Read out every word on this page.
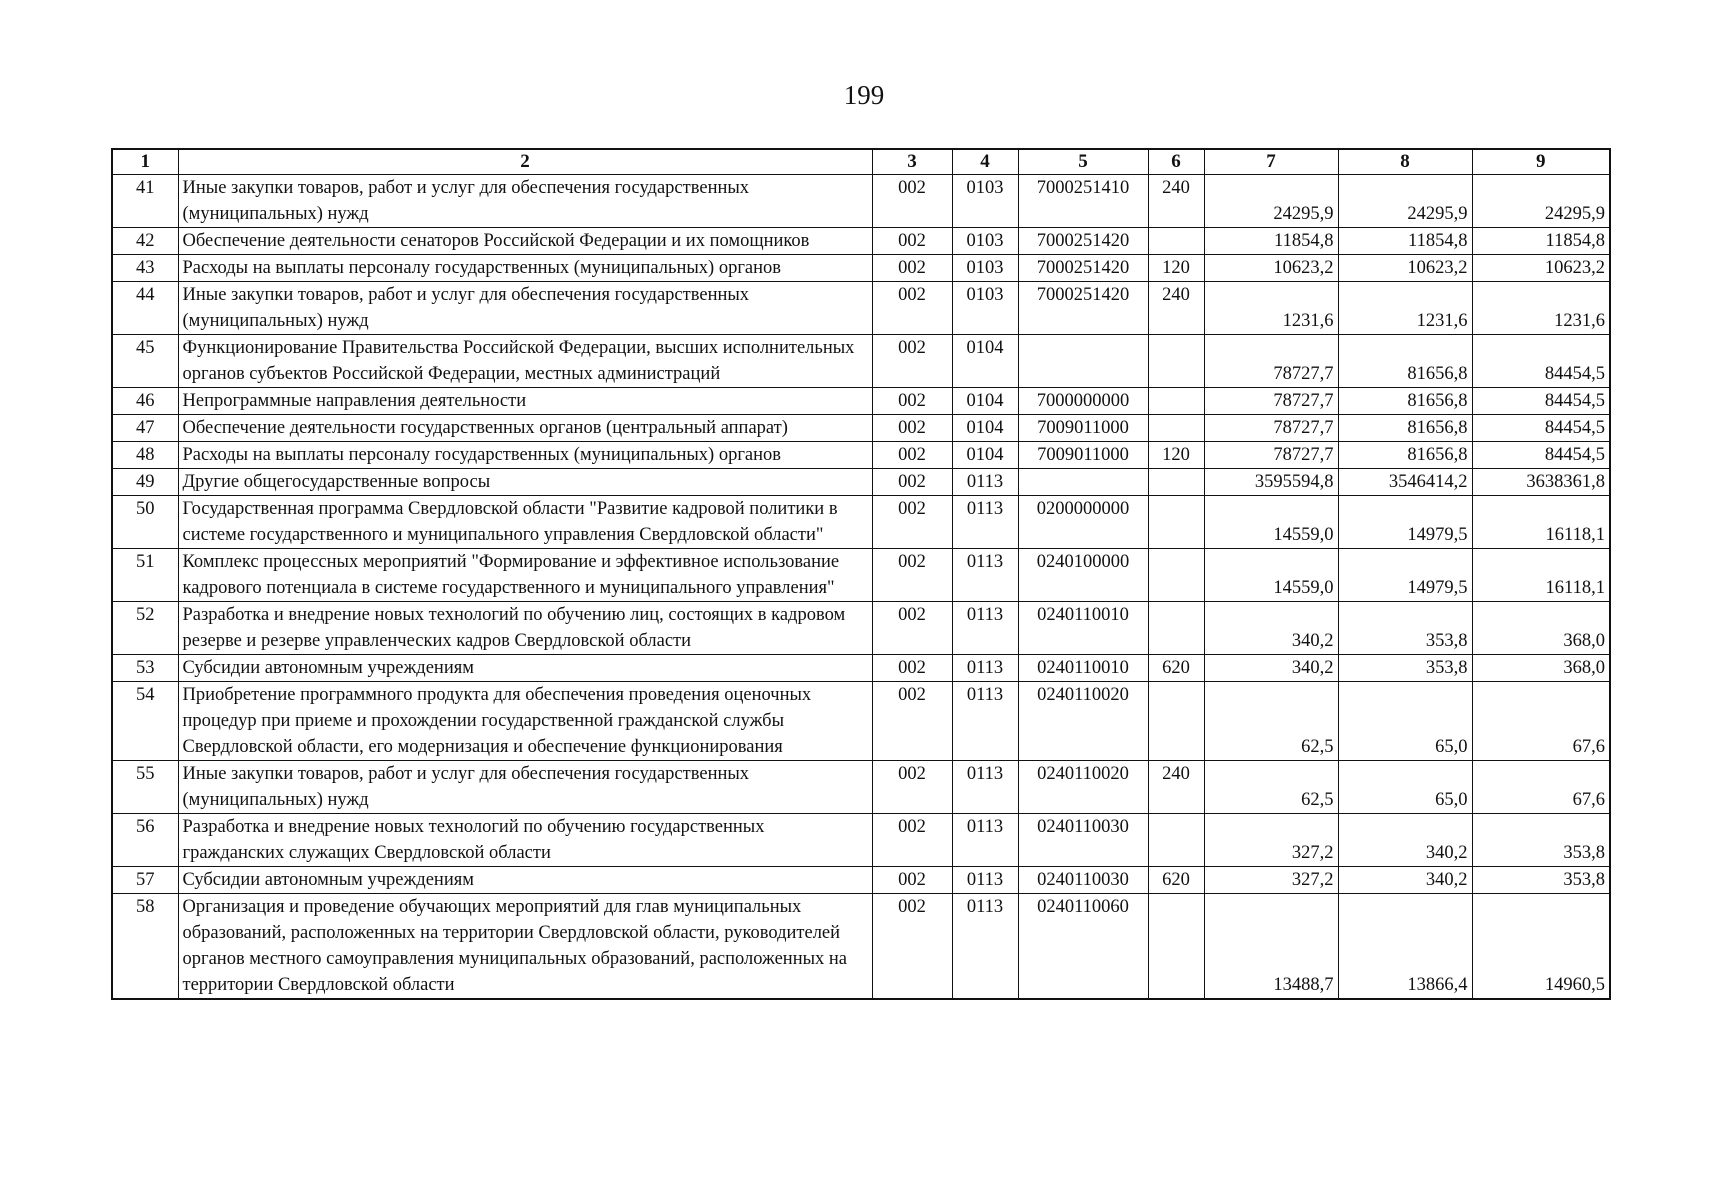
199
1	2	3	4	5	6	7	8	9
41	Иные закупки товаров, работ и услуг для обеспечения государственных (муниципальных) нужд	002	0103	7000251410	240	24295,9	24295,9	24295,9
42	Обеспечение деятельности сенаторов Российской Федерации и их помощников	002	0103	7000251420		11854,8	11854,8	11854,8
43	Расходы на выплаты персоналу государственных (муниципальных) органов	002	0103	7000251420	120	10623,2	10623,2	10623,2
44	Иные закупки товаров, работ и услуг для обеспечения государственных (муниципальных) нужд	002	0103	7000251420	240	1231,6	1231,6	1231,6
45	Функционирование Правительства Российской Федерации, высших исполнительных органов субъектов Российской Федерации, местных администраций	002	0104			78727,7	81656,8	84454,5
46	Непрограммные направления деятельности	002	0104	7000000000		78727,7	81656,8	84454,5
47	Обеспечение деятельности государственных органов (центральный аппарат)	002	0104	7009011000		78727,7	81656,8	84454,5
48	Расходы на выплаты персоналу государственных (муниципальных) органов	002	0104	7009011000	120	78727,7	81656,8	84454,5
49	Другие общегосударственные вопросы	002	0113			3595594,8	3546414,2	3638361,8
50	Государственная программа Свердловской области "Развитие кадровой политики в системе государственного и муниципального управления Свердловской области"	002	0113	0200000000		14559,0	14979,5	16118,1
51	Комплекс процессных мероприятий "Формирование и эффективное использование кадрового потенциала в системе государственного и муниципального управления"	002	0113	0240100000		14559,0	14979,5	16118,1
52	Разработка и внедрение новых технологий по обучению лиц, состоящих в кадровом резерве и резерве управленческих кадров Свердловской области	002	0113	0240110010		340,2	353,8	368,0
53	Субсидии автономным учреждениям	002	0113	0240110010	620	340,2	353,8	368,0
54	Приобретение программного продукта для обеспечения проведения оценочных процедур при приеме и прохождении государственной гражданской службы Свердловской области, его модернизация и обеспечение функционирования	002	0113	0240110020		62,5	65,0	67,6
55	Иные закупки товаров, работ и услуг для обеспечения государственных (муниципальных) нужд	002	0113	0240110020	240	62,5	65,0	67,6
56	Разработка и внедрение новых технологий по обучению государственных гражданских служащих Свердловской области	002	0113	0240110030		327,2	340,2	353,8
57	Субсидии автономным учреждениям	002	0113	0240110030	620	327,2	340,2	353,8
58	Организация и проведение обучающих мероприятий для глав муниципальных образований, расположенных на территории Свердловской области, руководителей органов местного самоуправления муниципальных образований, расположенных на территории Свердловской области	002	0113	0240110060		13488,7	13866,4	14960,5
